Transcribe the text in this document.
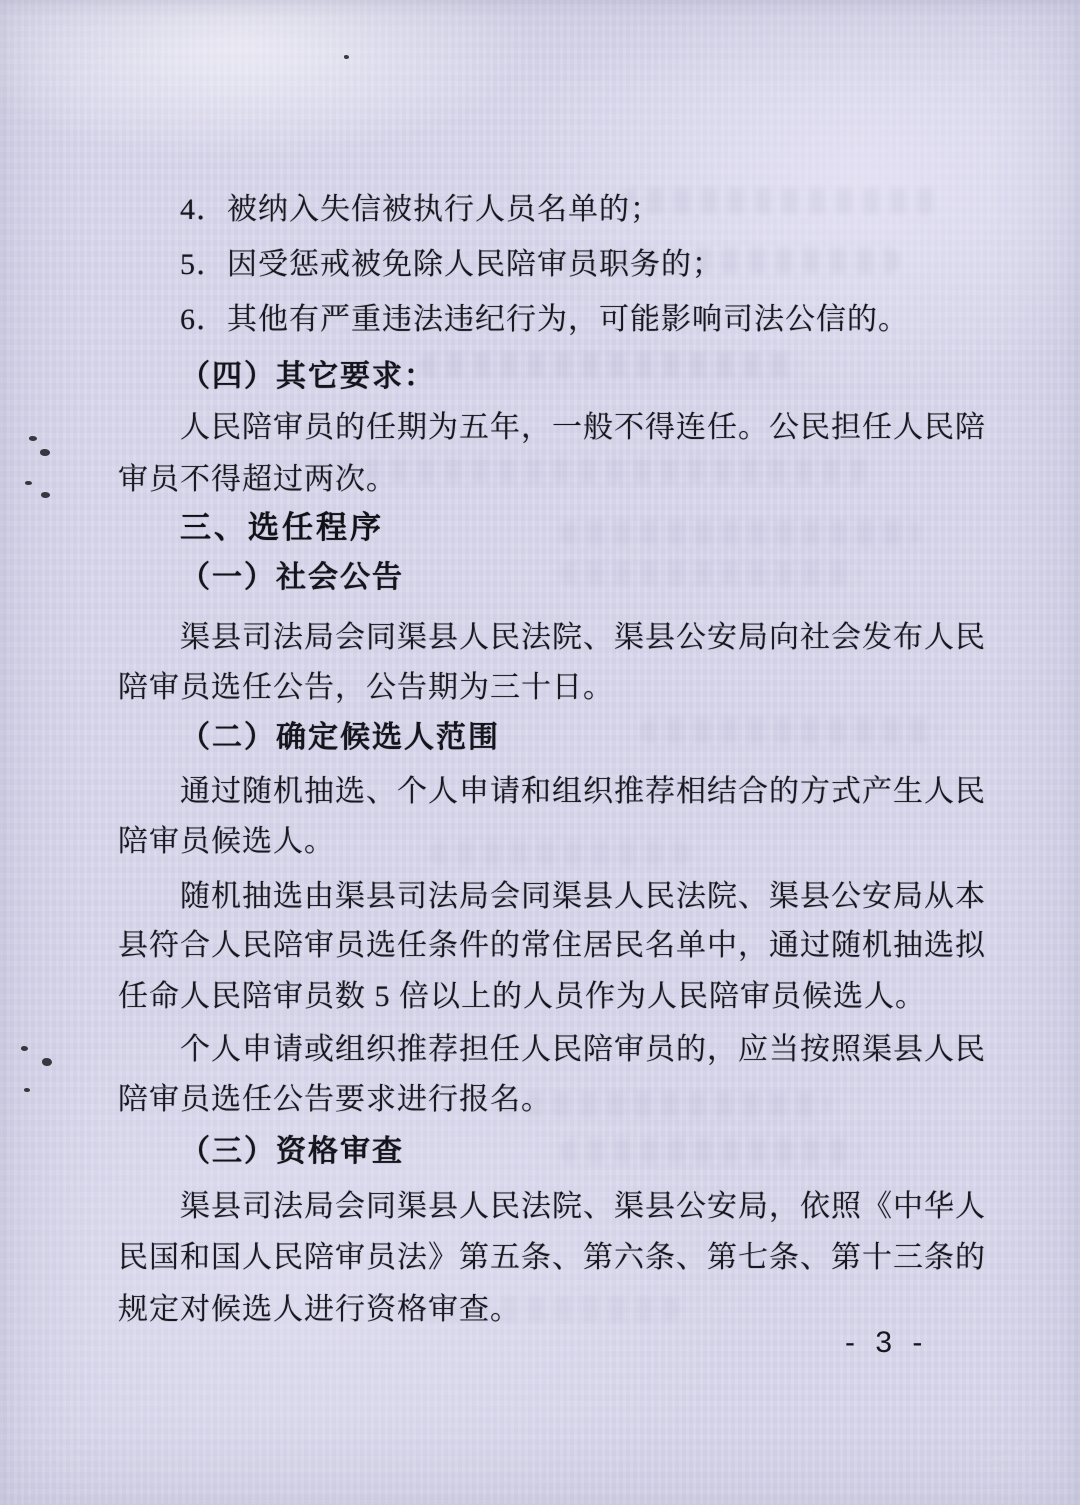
4．被纳入失信被执行人员名单的；
5．因受惩戒被免除人民陪审员职务的；
6．其他有严重违法违纪行为，可能影响司法公信的。
（四）其它要求：
人民陪审员的任期为五年，一般不得连任。公民担任人民陪
审员不得超过两次。
三、选任程序
（一）社会公告
渠县司法局会同渠县人民法院、渠县公安局向社会发布人民
陪审员选任公告，公告期为三十日。
（二）确定候选人范围
通过随机抽选、个人申请和组织推荐相结合的方式产生人民
陪审员候选人。
随机抽选由渠县司法局会同渠县人民法院、渠县公安局从本
县符合人民陪审员选任条件的常住居民名单中，通过随机抽选拟
任命人民陪审员数 5 倍以上的人员作为人民陪审员候选人。
个人申请或组织推荐担任人民陪审员的，应当按照渠县人民
陪审员选任公告要求进行报名。
（三）资格审查
渠县司法局会同渠县人民法院、渠县公安局，依照《中华人
民国和国人民陪审员法》第五条、第六条、第七条、第十三条的
规定对候选人进行资格审查。
- 3 -
